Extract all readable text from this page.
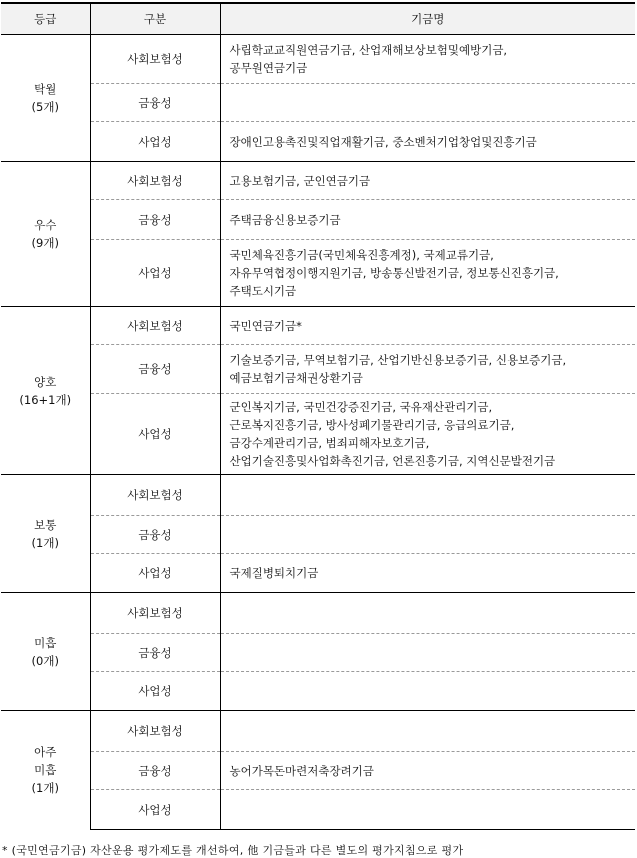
등급	구분	기금명

탁월
(5개)	사회보험성	사립학교교직원연금기금, 산업재해보상보험및예방기금,
공무원연금기금

	금융성	
	사업성	장애인고용촉진및직업재활기금, 중소벤처기업창업및진흥기금

우수
(9개)	사회보험성	고용보험기금, 군인연금기금

	금융성	주택금융신용보증기금

	사업성	국민체육진흥기금(국민체육진흥계정), 국제교류기금,
자유무역협정이행지원기금, 방송통신발전기금, 정보통신진흥기금,
주택도시기금

양호
(16+1개)	사회보험성	국민연금기금*

	금융성	기술보증기금, 무역보험기금, 산업기반신용보증기금, 신용보증기금,
예금보험기금채권상환기금

	사업성	군인복지기금, 국민건강증진기금, 국유재산관리기금,
근로복지진흥기금, 방사성폐기물관리기금, 응급의료기금,
금강수계관리기금, 범죄피해자보호기금,
산업기술진흥및사업화촉진기금, 언론진흥기금, 지역신문발전기금

보통
(1개)	사회보험성	
	금융성	
	사업성	국제질병퇴치기금

미흡
(0개)	사회보험성	
	금융성	
	사업성	

아주
미흡
(1개)	사회보험성	
	금융성	농어가목돈마련저축장려기금

	사업성	
* (국민연금기금) 자산운용 평가제도를 개선하여, 他 기금들과 다른 별도의 평가지침으로 평가
